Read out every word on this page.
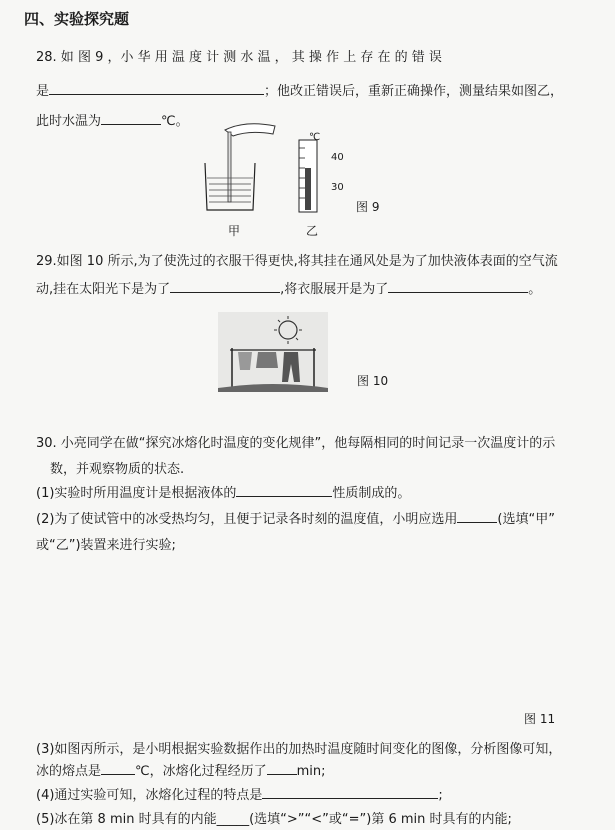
四、实验探究题
28. 如 图 9 ，小 华 用 温 度 计 测 水 温 ， 其 操 作 上 存 在 的 错 误
是	；他改正错误后，重新正确操作，测量结果如图乙，
此时水温为	℃。
℃
40
30
甲	乙
图 9
29.如图 10 所示,为了使洗过的衣服干得更快,将其挂在通风处是为了加快液体表面的空气流
动,挂在太阳光下是为了	,将衣服展开是为了	。
图 10
30. 小亮同学在做“探究冰熔化时温度的变化规律”，他每隔相同的时间记录一次温度计的示
数，并观察物质的状态.
(1)实验时所用温度计是根据液体的	性质制成的。
(2)为了使试管中的冰受热均匀，且便于记录各时刻的温度值，小明应选用	(选填“甲”
或“乙”)装置来进行实验;
图 11
(3)如图丙所示，是小明根据实验数据作出的加热时温度随时间变化的图像，分析图像可知，
冰的熔点是	℃，冰熔化过程经历了 min;
(4)通过实验可知，冰熔化过程的特点是	;
(5)冰在第 8 min 时具有的内能_____(选填“>”“<”或“=”)第 6 min 时具有的内能;
